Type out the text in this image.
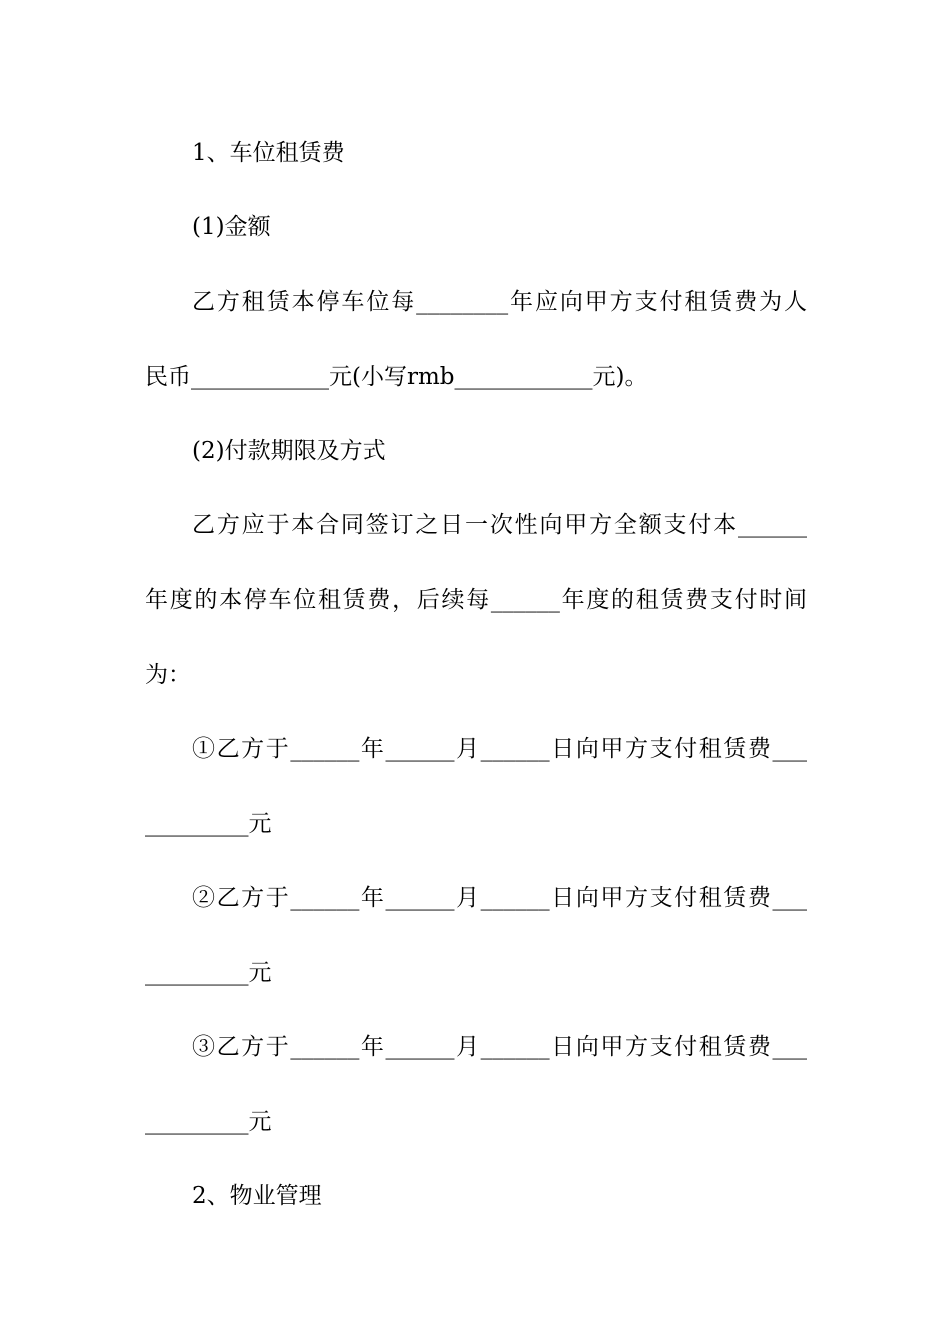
1、车位租赁费
(1)金额
乙方租赁本停车位每________年应向甲方支付租赁费为人
民币____________元(小写rmb____________元)。
(2)付款期限及方式
乙方应于本合同签订之日一次性向甲方全额支付本______
年度的本停车位租赁费，后续每______年度的租赁费支付时间
为：
①乙方于______年______月______日向甲方支付租赁费___
_________元
②乙方于______年______月______日向甲方支付租赁费___
_________元
③乙方于______年______月______日向甲方支付租赁费___
_________元
2、物业管理
